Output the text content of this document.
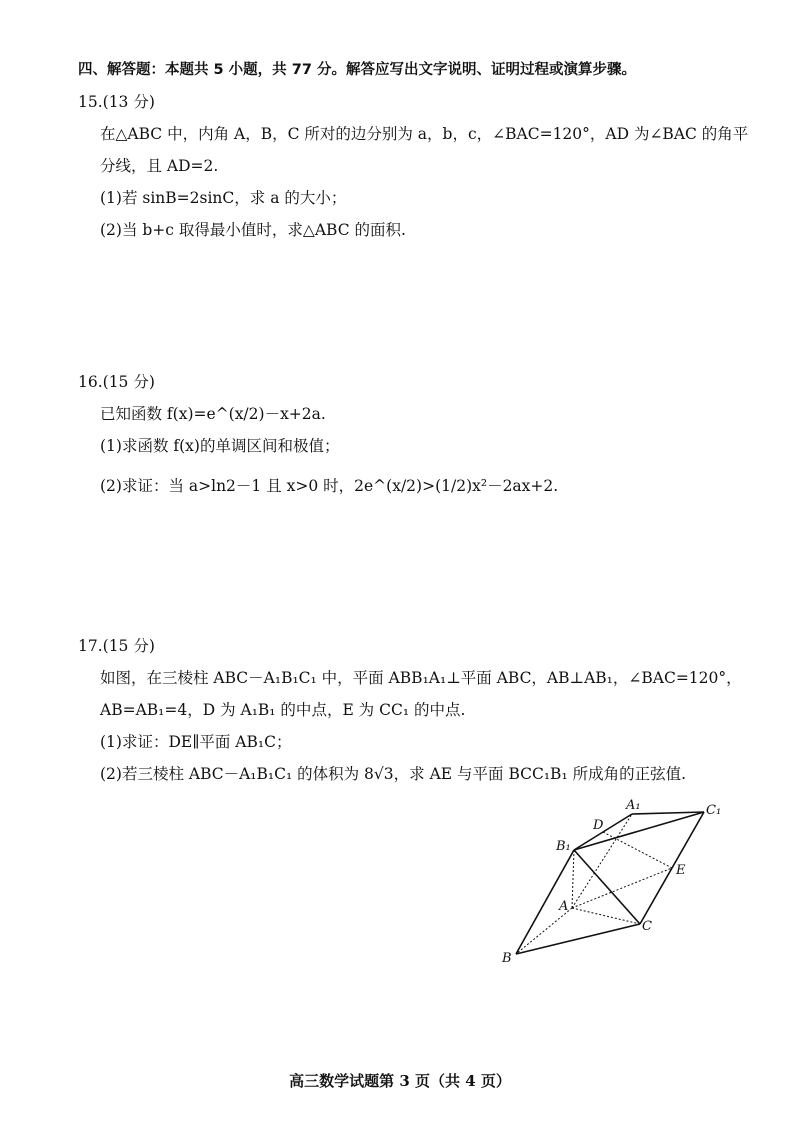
四、解答题：本题共 5 小题，共 77 分。解答应写出文字说明、证明过程或演算步骤。
15.(13 分)
在△ABC 中，内角 A，B，C 所对的边分别为 a，b，c，∠BAC=120°，AD 为∠BAC 的角平
分线，且 AD=2.
(1)若 sinB=2sinC，求 a 的大小；
(2)当 b+c 取得最小值时，求△ABC 的面积.
16.(15 分)
已知函数 f(x)=e^(x/2)－x+2a.
(1)求函数 f(x)的单调区间和极值；
(2)求证：当 a>ln2－1 且 x>0 时，2e^(x/2)>(1/2)x²－2ax+2.
17.(15 分)
如图，在三棱柱 ABC－A₁B₁C₁ 中，平面 ABB₁A₁⊥平面 ABC，AB⊥AB₁，∠BAC=120°，
AB=AB₁=4，D 为 A₁B₁ 的中点，E 为 CC₁ 的中点.
(1)求证：DE∥平面 AB₁C；
(2)若三棱柱 ABC－A₁B₁C₁ 的体积为 8√3，求 AE 与平面 BCC₁B₁ 所成角的正弦值.
A₁	C₁
D
B₁
E
A
C
B
高三数学试题第 3 页（共 4 页）
